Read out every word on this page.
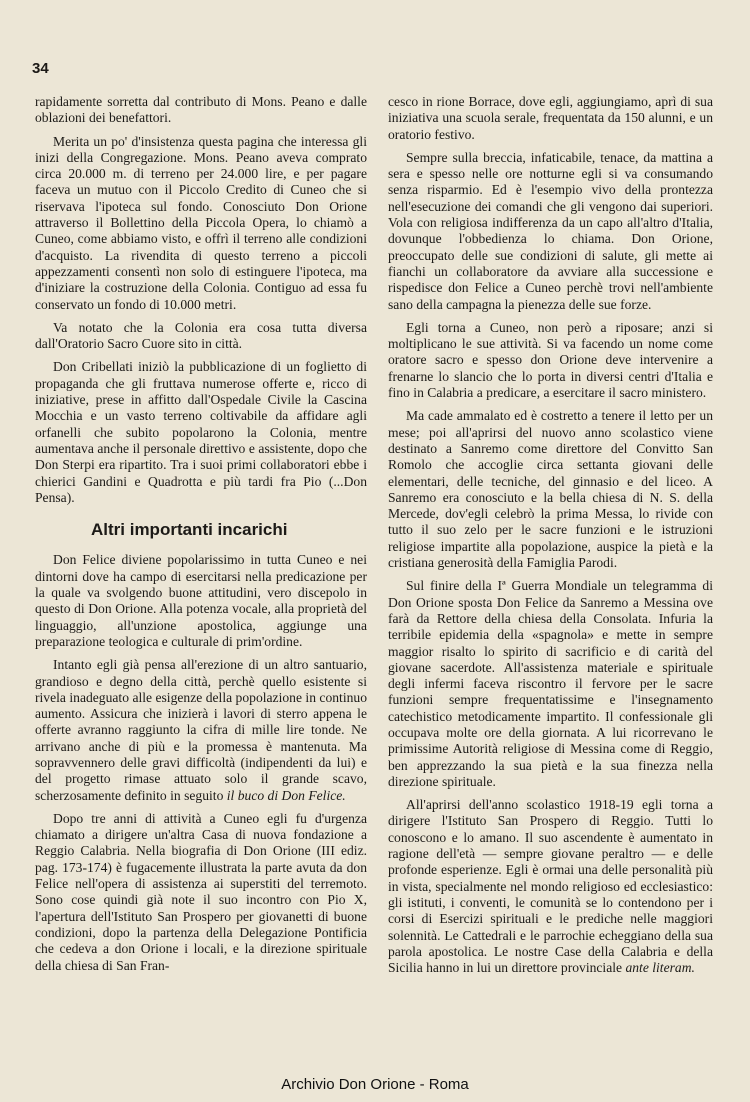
34

rapidamente sorretta dal contributo di Mons. Peano e dalle oblazioni dei benefattori.

Merita un po' d'insistenza questa pagina che interessa gli inizi della Congregazione. Mons. Peano aveva comprato circa 20.000 m. di terreno per 24.000 lire, e per pagare faceva un mutuo con il Piccolo Credito di Cuneo che si riservava l'ipoteca sul fondo. Conosciuto Don Orione attraverso il Bollettino della Piccola Opera, lo chiamò a Cuneo, come abbiamo visto, e offrì il terreno alle condizioni d'acquisto. La rivendita di questo terreno a piccoli appezzamenti consentì non solo di estinguere l'ipoteca, ma d'iniziare la costruzione della Colonia. Contiguo ad essa fu conservato un fondo di 10.000 metri.

Va notato che la Colonia era cosa tutta diversa dall'Oratorio Sacro Cuore sito in città.

Don Cribellati iniziò la pubblicazione di un foglietto di propaganda che gli fruttava numerose offerte e, ricco di iniziative, prese in affitto dall'Ospedale Civile la Cascina Mocchia e un vasto terreno coltivabile da affidare agli orfanelli che subito popolarono la Colonia, mentre aumentava anche il personale direttivo e assistente, dopo che Don Sterpi era ripartito. Tra i suoi primi collaboratori ebbe i chierici Gandini e Quadrotta e più tardi fra Pio (...Don Pensa).

Altri importanti incarichi

Don Felice diviene popolarissimo in tutta Cuneo e nei dintorni dove ha campo di esercitarsi nella predicazione per la quale va svolgendo buone attitudini, vero discepolo in questo di Don Orione. Alla potenza vocale, alla proprietà del linguaggio, all'unzione apostolica, aggiunge una preparazione teologica e culturale di prim'ordine.

Intanto egli già pensa all'erezione di un altro santuario, grandioso e degno della città, perchè quello esistente si rivela inadeguato alle esigenze della popolazione in continuo aumento. Assicura che inizierà i lavori di sterro appena le offerte avranno raggiunto la cifra di mille lire tonde. Ne arrivano anche di più e la promessa è mantenuta. Ma sopravvennero delle gravi difficoltà (indipendenti da lui) e del progetto rimase attuato solo il grande scavo, scherzosamente definito in seguito il buco di Don Felice.

Dopo tre anni di attività a Cuneo egli fu d'urgenza chiamato a dirigere un'altra Casa di nuova fondazione a Reggio Calabria. Nella biografia di Don Orione (III ediz. pag. 173-174) è fugacemente illustrata la parte avuta da don Felice nell'opera di assistenza ai superstiti del terremoto. Sono cose quindi già note il suo incontro con Pio X, l'apertura dell'Istituto San Prospero per giovanetti di buone condizioni, dopo la partenza della Delegazione Pontificia che cedeva a don Orione i locali, e la direzione spirituale della chiesa di San Fran-

cesco in rione Borrace, dove egli, aggiungiamo, aprì di sua iniziativa una scuola serale, frequentata da 150 alunni, e un oratorio festivo.

Sempre sulla breccia, infaticabile, tenace, da mattina a sera e spesso nelle ore notturne egli si va consumando senza risparmio. Ed è l'esempio vivo della prontezza nell'esecuzione dei comandi che gli vengono dai superiori. Vola con religiosa indifferenza da un capo all'altro d'Italia, dovunque l'obbedienza lo chiama. Don Orione, preoccupato delle sue condizioni di salute, gli mette ai fianchi un collaboratore da avviare alla successione e rispedisce don Felice a Cuneo perchè trovi nell'ambiente sano della campagna la pienezza delle sue forze.

Egli torna a Cuneo, non però a riposare; anzi si moltiplicano le sue attività. Si va facendo un nome come oratore sacro e spesso don Orione deve intervenire a frenarne lo slancio che lo porta in diversi centri d'Italia e fino in Calabria a predicare, a esercitare il sacro ministero.

Ma cade ammalato ed è costretto a tenere il letto per un mese; poi all'aprirsi del nuovo anno scolastico viene destinato a Sanremo come direttore del Convitto San Romolo che accoglie circa settanta giovani delle elementari, delle tecniche, del ginnasio e del liceo. A Sanremo era conosciuto e la bella chiesa di N. S. della Mercede, dov'egli celebrò la prima Messa, lo rivide con tutto il suo zelo per le sacre funzioni e le istruzioni religiose impartite alla popolazione, auspice la pietà e la cristiana generosità della Famiglia Parodi.

Sul finire della Iª Guerra Mondiale un telegramma di Don Orione sposta Don Felice da Sanremo a Messina ove farà da Rettore della chiesa della Consolata. Infuria la terribile epidemia della «spagnola» e mette in sempre maggior risalto lo spirito di sacrificio e di carità del giovane sacerdote. All'assistenza materiale e spirituale degli infermi faceva riscontro il fervore per le sacre funzioni sempre frequentatissime e l'insegnamento catechistico metodicamente impartito. Il confessionale gli occupava molte ore della giornata. A lui ricorrevano le primissime Autorità religiose di Messina come di Reggio, ben apprezzando la sua pietà e la sua finezza nella direzione spirituale.

All'aprirsi dell'anno scolastico 1918-19 egli torna a dirigere l'Istituto San Prospero di Reggio. Tutti lo conoscono e lo amano. Il suo ascendente è aumentato in ragione dell'età — sempre giovane peraltro — e delle profonde esperienze. Egli è ormai una delle personalità più in vista, specialmente nel mondo religioso ed ecclesiastico: gli istituti, i conventi, le comunità se lo contendono per i corsi di Esercizi spirituali e le prediche nelle maggiori solennità. Le Cattedrali e le parrochie echeggiano della sua parola apostolica. Le nostre Case della Calabria e della Sicilia hanno in lui un direttore provinciale ante literam.

Archivio Don Orione - Roma
